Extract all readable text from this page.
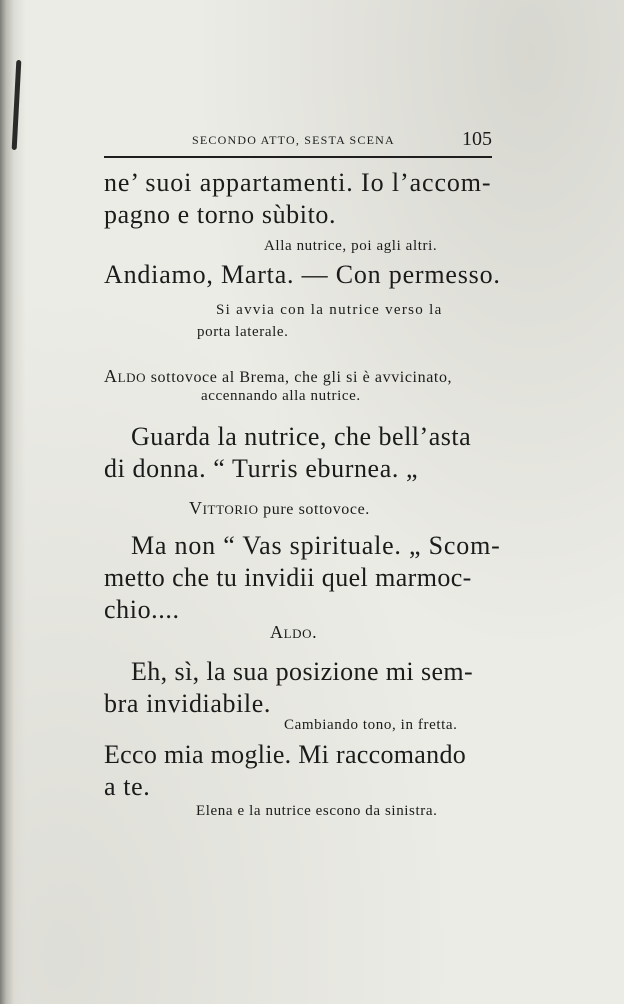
SECONDO ATTO, SESTA SCENA	105
ne’ suoi appartamenti. Io l’accom-
pagno e torno sùbito.
Alla nutrice, poi agli altri.
Andiamo, Marta. — Con permesso.
Si avvia con la nutrice verso la
porta laterale.
Aldo sottovoce al Brema, che gli si è avvicinato,
accennando alla nutrice.
Guarda la nutrice, che bell’asta
di donna. “ Turris eburnea. „
Vittorio pure sottovoce.
Ma non “ Vas spirituale. „ Scom-
metto che tu invidii quel marmoc-
chio....
Aldo.
Eh, sì, la sua posizione mi sem-
bra invidiabile.
Cambiando tono, in fretta.
Ecco mia moglie. Mi raccomando
a te.
Elena e la nutrice escono da sinistra.
